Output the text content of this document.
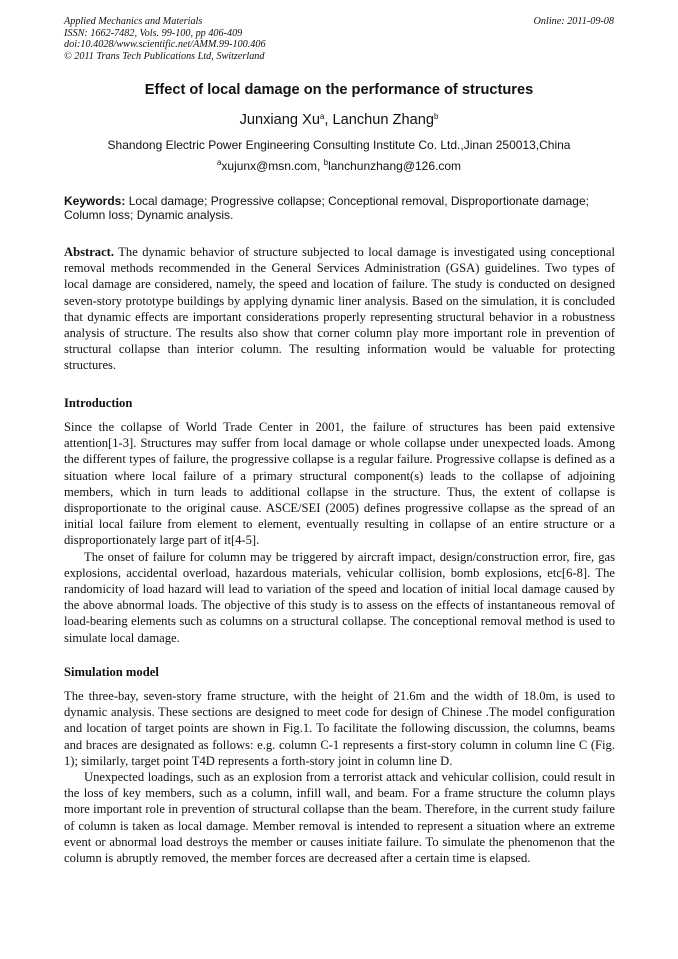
Applied Mechanics and Materials
ISSN: 1662-7482, Vols. 99-100, pp 406-409
doi:10.4028/www.scientific.net/AMM.99-100.406
© 2011 Trans Tech Publications Ltd, Switzerland
Online: 2011-09-08
Effect of local damage on the performance of structures
Junxiang Xu$^a$, Lanchun Zhang$^b$
Shandong Electric Power Engineering Consulting Institute Co. Ltd.,Jinan 250013,China
$^a$xujunx@msn.com, $^b$lanchunzhang@126.com
Keywords: Local damage; Progressive collapse; Conceptional removal, Disproportionate damage; Column loss; Dynamic analysis.

Abstract. The dynamic behavior of structure subjected to local damage is investigated using conceptional removal methods recommended in the General Services Administration (GSA) guidelines. Two types of local damage are considered, namely, the speed and location of failure. The study is conducted on designed seven-story prototype buildings by applying dynamic liner analysis. Based on the simulation, it is concluded that dynamic effects are important considerations properly representing structural behavior in a robustness analysis of structure. The results also show that corner column play more important role in prevention of structural collapse than interior column. The resulting information would be valuable for protecting structures.

Introduction

Since the collapse of World Trade Center in 2001, the failure of structures has been paid extensive attention[1-3]. Structures may suffer from local damage or whole collapse under unexpected loads. Among the different types of failure, the progressive collapse is a regular failure. Progressive collapse is defined as a situation where local failure of a primary structural component(s) leads to the collapse of adjoining members, which in turn leads to additional collapse in the structure. Thus, the extent of collapse is disproportionate to the original cause. ASCE/SEI (2005) defines progressive collapse as the spread of an initial local failure from element to element, eventually resulting in collapse of an entire structure or a disproportionately large part of it[4-5].

The onset of failure for column may be triggered by aircraft impact, design/construction error, fire, gas explosions, accidental overload, hazardous materials, vehicular collision, bomb explosions, etc[6-8]. The randomicity of load hazard will lead to variation of the speed and location of initial local damage caused by the above abnormal loads. The objective of this study is to assess on the effects of instantaneous removal of load-bearing elements such as columns on a structural collapse. The conceptional removal method is used to simulate local damage.

Simulation model

The three-bay, seven-story frame structure, with the height of 21.6m and the width of 18.0m, is used to dynamic analysis. These sections are designed to meet code for design of Chinese .The model configuration and location of target points are shown in Fig.1. To facilitate the following discussion, the columns, beams and braces are designated as follows: e.g. column C-1 represents a first-story column in column line C (Fig. 1); similarly, target point T4D represents a forth-story joint in column line D.

Unexpected loadings, such as an explosion from a terrorist attack and vehicular collision, could result in the loss of key members, such as a column, infill wall, and beam. For a frame structure the column plays more important role in prevention of structural collapse than the beam. Therefore, in the current study failure of column is taken as local damage. Member removal is intended to represent a situation where an extreme event or abnormal load destroys the member or causes initiate failure. To simulate the phenomenon that the column is abruptly removed, the member forces are decreased after a certain time is elapsed.
